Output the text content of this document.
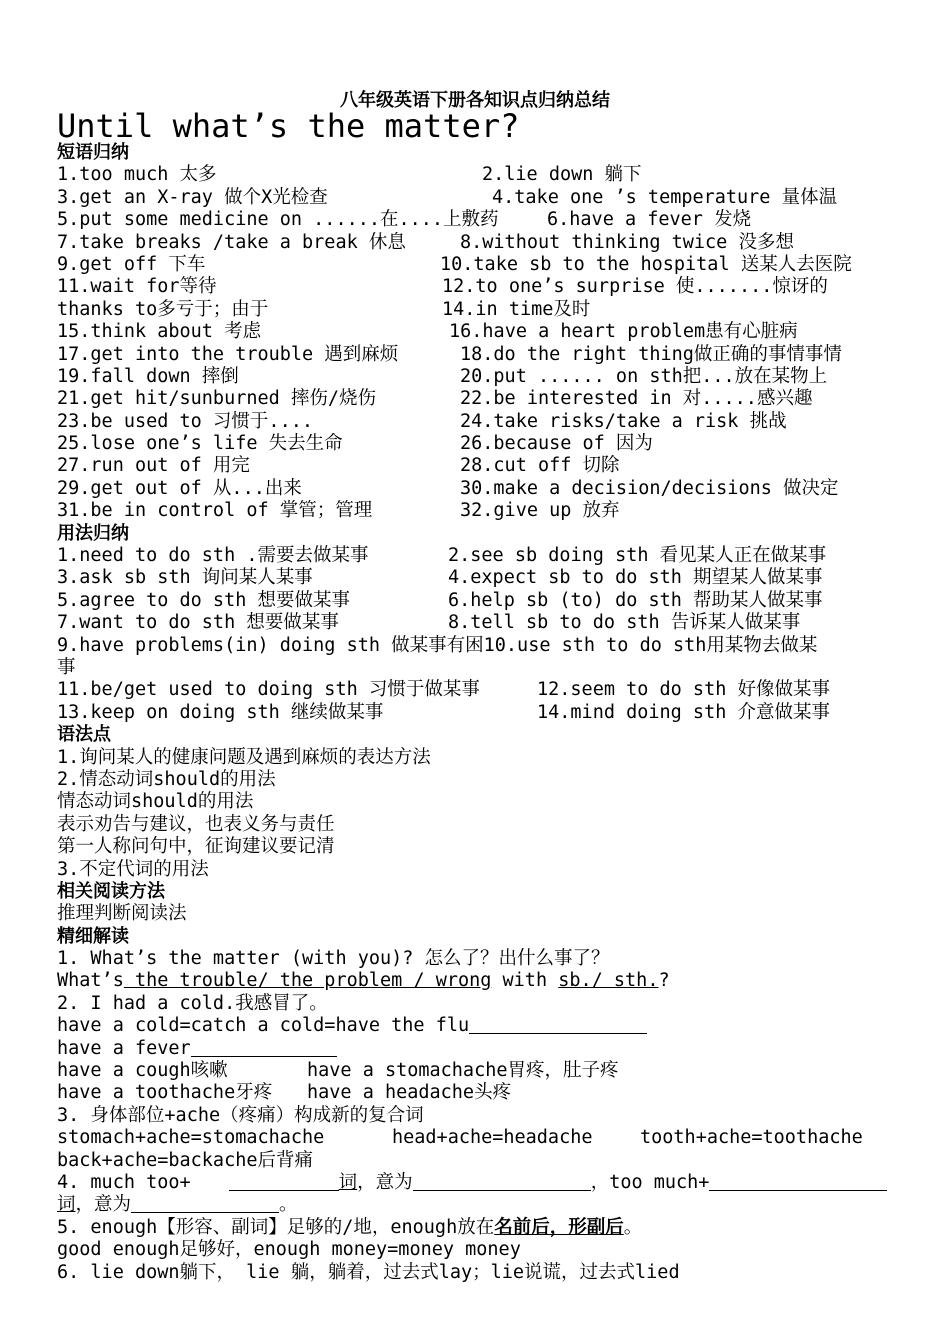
八年级英语下册各知识点归纳总结
Until what’s the matter?
短语归纳
1.too much 太多	2.lie down 躺下
3.get an X-ray 做个X光检查	4.take one ’s temperature 量体温
5.put some medicine on ......在....上敷药	6.have a fever 发烧
7.take breaks /take a break 休息	8.without thinking twice 没多想
9.get off 下车	10.take sb to the hospital 送某人去医院
11.wait for等待	12.to one’s surprise 使.......惊讶的
thanks to多亏于；由于	14.in time及时
15.think about 考虑	16.have a heart problem患有心脏病
17.get into the trouble 遇到麻烦	18.do the right thing做正确的事情事情
19.fall down 摔倒	20.put ...... on sth把...放在某物上
21.get hit/sunburned 摔伤/烧伤	22.be interested in 对.....感兴趣
23.be used to 习惯于....	24.take risks/take a risk 挑战
25.lose one’s life 失去生命	26.because of 因为
27.run out of 用完	28.cut off 切除
29.get out of 从...出来	30.make a decision/decisions 做决定
31.be in control of 掌管；管理	32.give up 放弃
用法归纳
1.need to do sth .需要去做某事	2.see sb doing sth 看见某人正在做某事
3.ask sb sth 询问某人某事	4.expect sb to do sth 期望某人做某事
5.agree to do sth 想要做某事	6.help sb (to) do sth 帮助某人做某事
7.want to do sth 想要做某事	8.tell sb to do sth 告诉某人做某事
9.have problems(in) doing sth 做某事有困10.use sth to do sth用某物去做某
事
11.be/get used to doing sth 习惯于做某事	12.seem to do sth 好像做某事
13.keep on doing sth 继续做某事	14.mind doing sth 介意做某事
语法点
1.询问某人的健康问题及遇到麻烦的表达方法
2.情态动词should的用法
情态动词should的用法
表示劝告与建议，也表义务与责任
第一人称问句中，征询建议要记清
3.不定代词的用法
相关阅读方法
推理判断阅读法
精细解读
1. What’s the matter (with you)? 怎么了？出什么事了？
What’s the trouble/ the problem / wrong with sb./ sth.?
2. I had a cold.我感冒了。
have a cold=catch a cold=have the flu
have a fever
have a cough咳嗽	have a stomachache胃疼，肚子疼
have a toothache牙疼 have a headache头疼
3. 身体部位+ache（疼痛）构成新的复合词
stomach+ache=stomachache	head+ache=headache	tooth+ache=toothache
back+ache=backache后背痛
4. much too+	词，意为	，too much+
词，意为	。
5. enough【形容、副词】足够的/地，enough放在名前后，形副后。
good enough足够好，enough money=money money
6. lie down躺下， lie 躺，躺着，过去式lay；lie说谎，过去式lied
